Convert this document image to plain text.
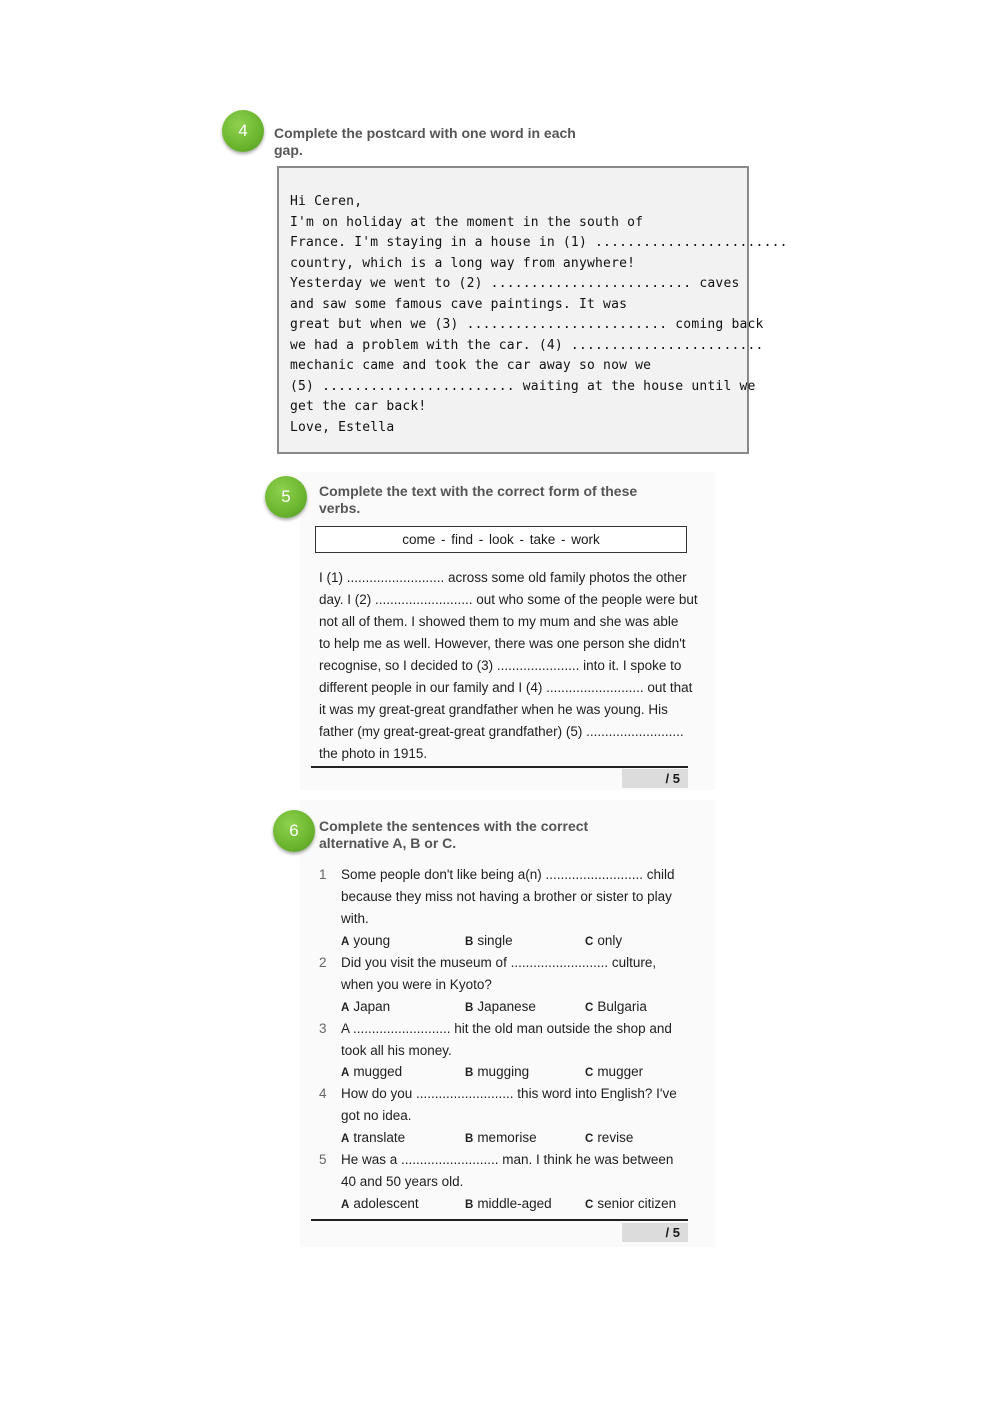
4	Complete the postcard with one word in each
gap.
Hi Ceren,
I'm on holiday at the moment in the south of
France. I'm staying in a house in (1) ........................
country, which is a long way from anywhere!
Yesterday we went to (2) ......................... caves
and saw some famous cave paintings. It was
great but when we (3) ......................... coming back
we had a problem with the car. (4) ........................
mechanic came and took the car away so now we
(5) ........................ waiting at the house until we
get the car back!
Love, Estella
5	Complete the text with the correct form of these
verbs.
come - find - look - take - work
I (1) .......................... across some old family photos the other
day. I (2) .......................... out who some of the people were but
not all of them. I showed them to my mum and she was able
to help me as well. However, there was one person she didn't
recognise, so I decided to (3) ...................... into it. I spoke to
different people in our family and I (4) .......................... out that
it was my great-great grandfather when he was young. His
father (my great-great-great grandfather) (5) ..........................
the photo in 1915.
/ 5
6	Complete the sentences with the correct
alternative A, B or C.
1 Some people don't like being a(n) .......................... child
because they miss not having a brother or sister to play
with.
A young	B single	C only
2 Did you visit the museum of .......................... culture,
when you were in Kyoto?
A Japan	B Japanese	C Bulgaria
3 A .......................... hit the old man outside the shop and
took all his money.
A mugged	B mugging	C mugger
4 How do you .......................... this word into English? I've
got no idea.
A translate	B memorise	C revise
5 He was a .......................... man. I think he was between
40 and 50 years old.
A adolescent	B middle-aged	C senior citizen
/ 5
